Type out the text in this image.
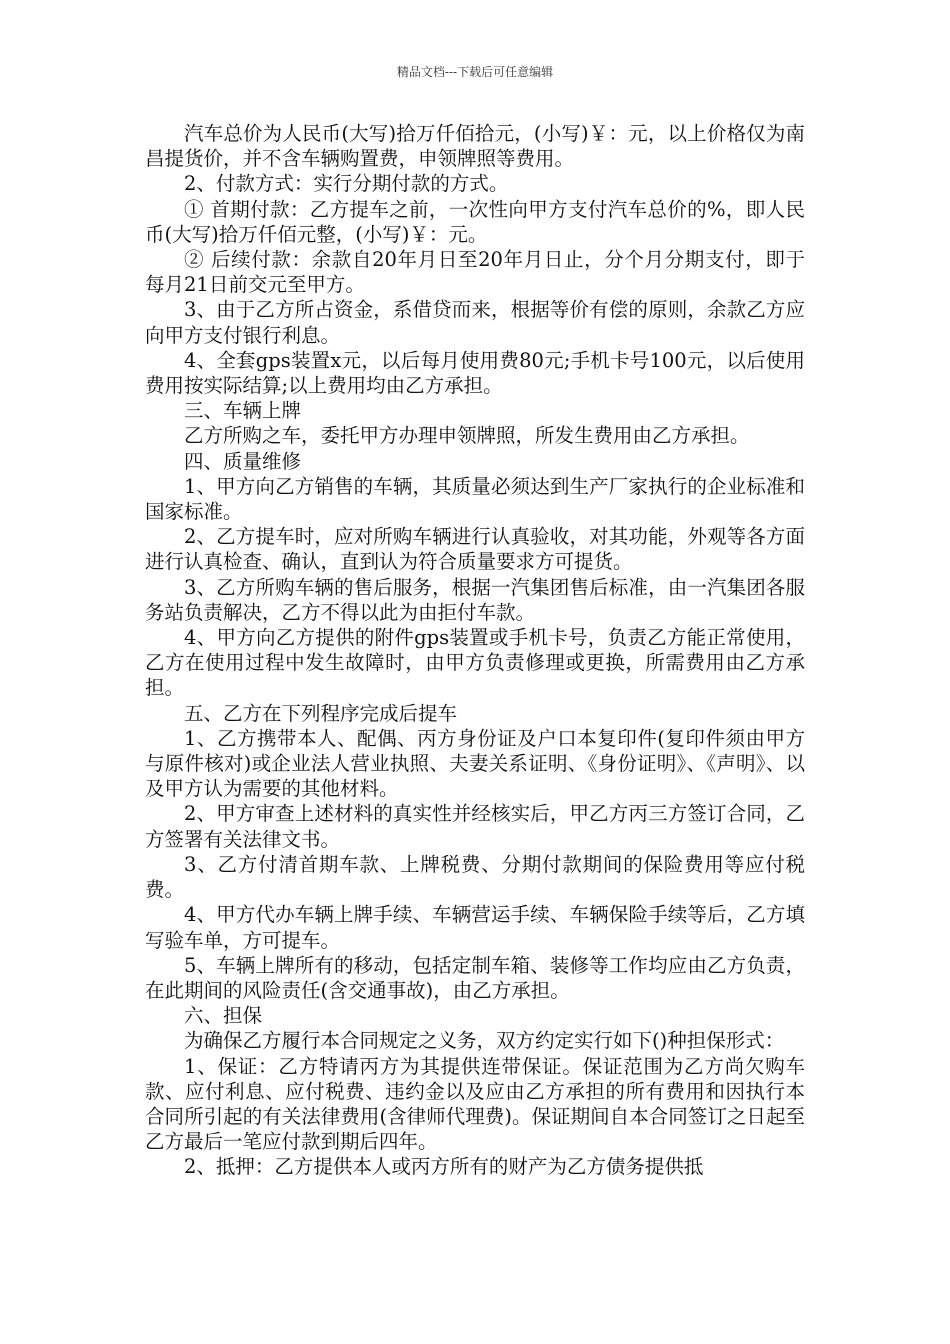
精品文档---下载后可任意编辑

汽车总价为人民币(大写)拾万仟佰拾元，(小写)￥：元，以上价格仅为南昌提货价，并不含车辆购置费，申领牌照等费用。

2、付款方式：实行分期付款的方式。

① 首期付款：乙方提车之前，一次性向甲方支付汽车总价的%，即人民币(大写)拾万仟佰元整，(小写)￥：元。

② 后续付款：余款自20年月日至20年月日止，分个月分期支付，即于每月21日前交元至甲方。

3、由于乙方所占资金，系借贷而来，根据等价有偿的原则，余款乙方应向甲方支付银行利息。

4、全套gps装置x元，以后每月使用费80元;手机卡号100元，以后使用费用按实际结算;以上费用均由乙方承担。

三、车辆上牌

乙方所购之车，委托甲方办理申领牌照，所发生费用由乙方承担。

四、质量维修

1、甲方向乙方销售的车辆，其质量必须达到生产厂家执行的企业标准和国家标准。

2、乙方提车时，应对所购车辆进行认真验收，对其功能，外观等各方面进行认真检查、确认，直到认为符合质量要求方可提货。

3、乙方所购车辆的售后服务，根据一汽集团售后标准，由一汽集团各服务站负责解决，乙方不得以此为由拒付车款。

4、甲方向乙方提供的附件gps装置或手机卡号，负责乙方能正常使用，乙方在使用过程中发生故障时，由甲方负责修理或更换，所需费用由乙方承担。

五、乙方在下列程序完成后提车

1、乙方携带本人、配偶、丙方身份证及户口本复印件(复印件须由甲方与原件核对)或企业法人营业执照、夫妻关系证明、《身份证明》、《声明》、以及甲方认为需要的其他材料。

2、甲方审查上述材料的真实性并经核实后，甲乙方丙三方签订合同，乙方签署有关法律文书。

3、乙方付清首期车款、上牌税费、分期付款期间的保险费用等应付税费。

4、甲方代办车辆上牌手续、车辆营运手续、车辆保险手续等后，乙方填写验车单，方可提车。

5、车辆上牌所有的移动，包括定制车箱、装修等工作均应由乙方负责，在此期间的风险责任(含交通事故)，由乙方承担。

六、担保

为确保乙方履行本合同规定之义务，双方约定实行如下()种担保形式：

1、保证：乙方特请丙方为其提供连带保证。保证范围为乙方尚欠购车款、应付利息、应付税费、违约金以及应由乙方承担的所有费用和因执行本合同所引起的有关法律费用(含律师代理费)。保证期间自本合同签订之日起至乙方最后一笔应付款到期后四年。

2、抵押：乙方提供本人或丙方所有的财产为乙方债务提供抵
